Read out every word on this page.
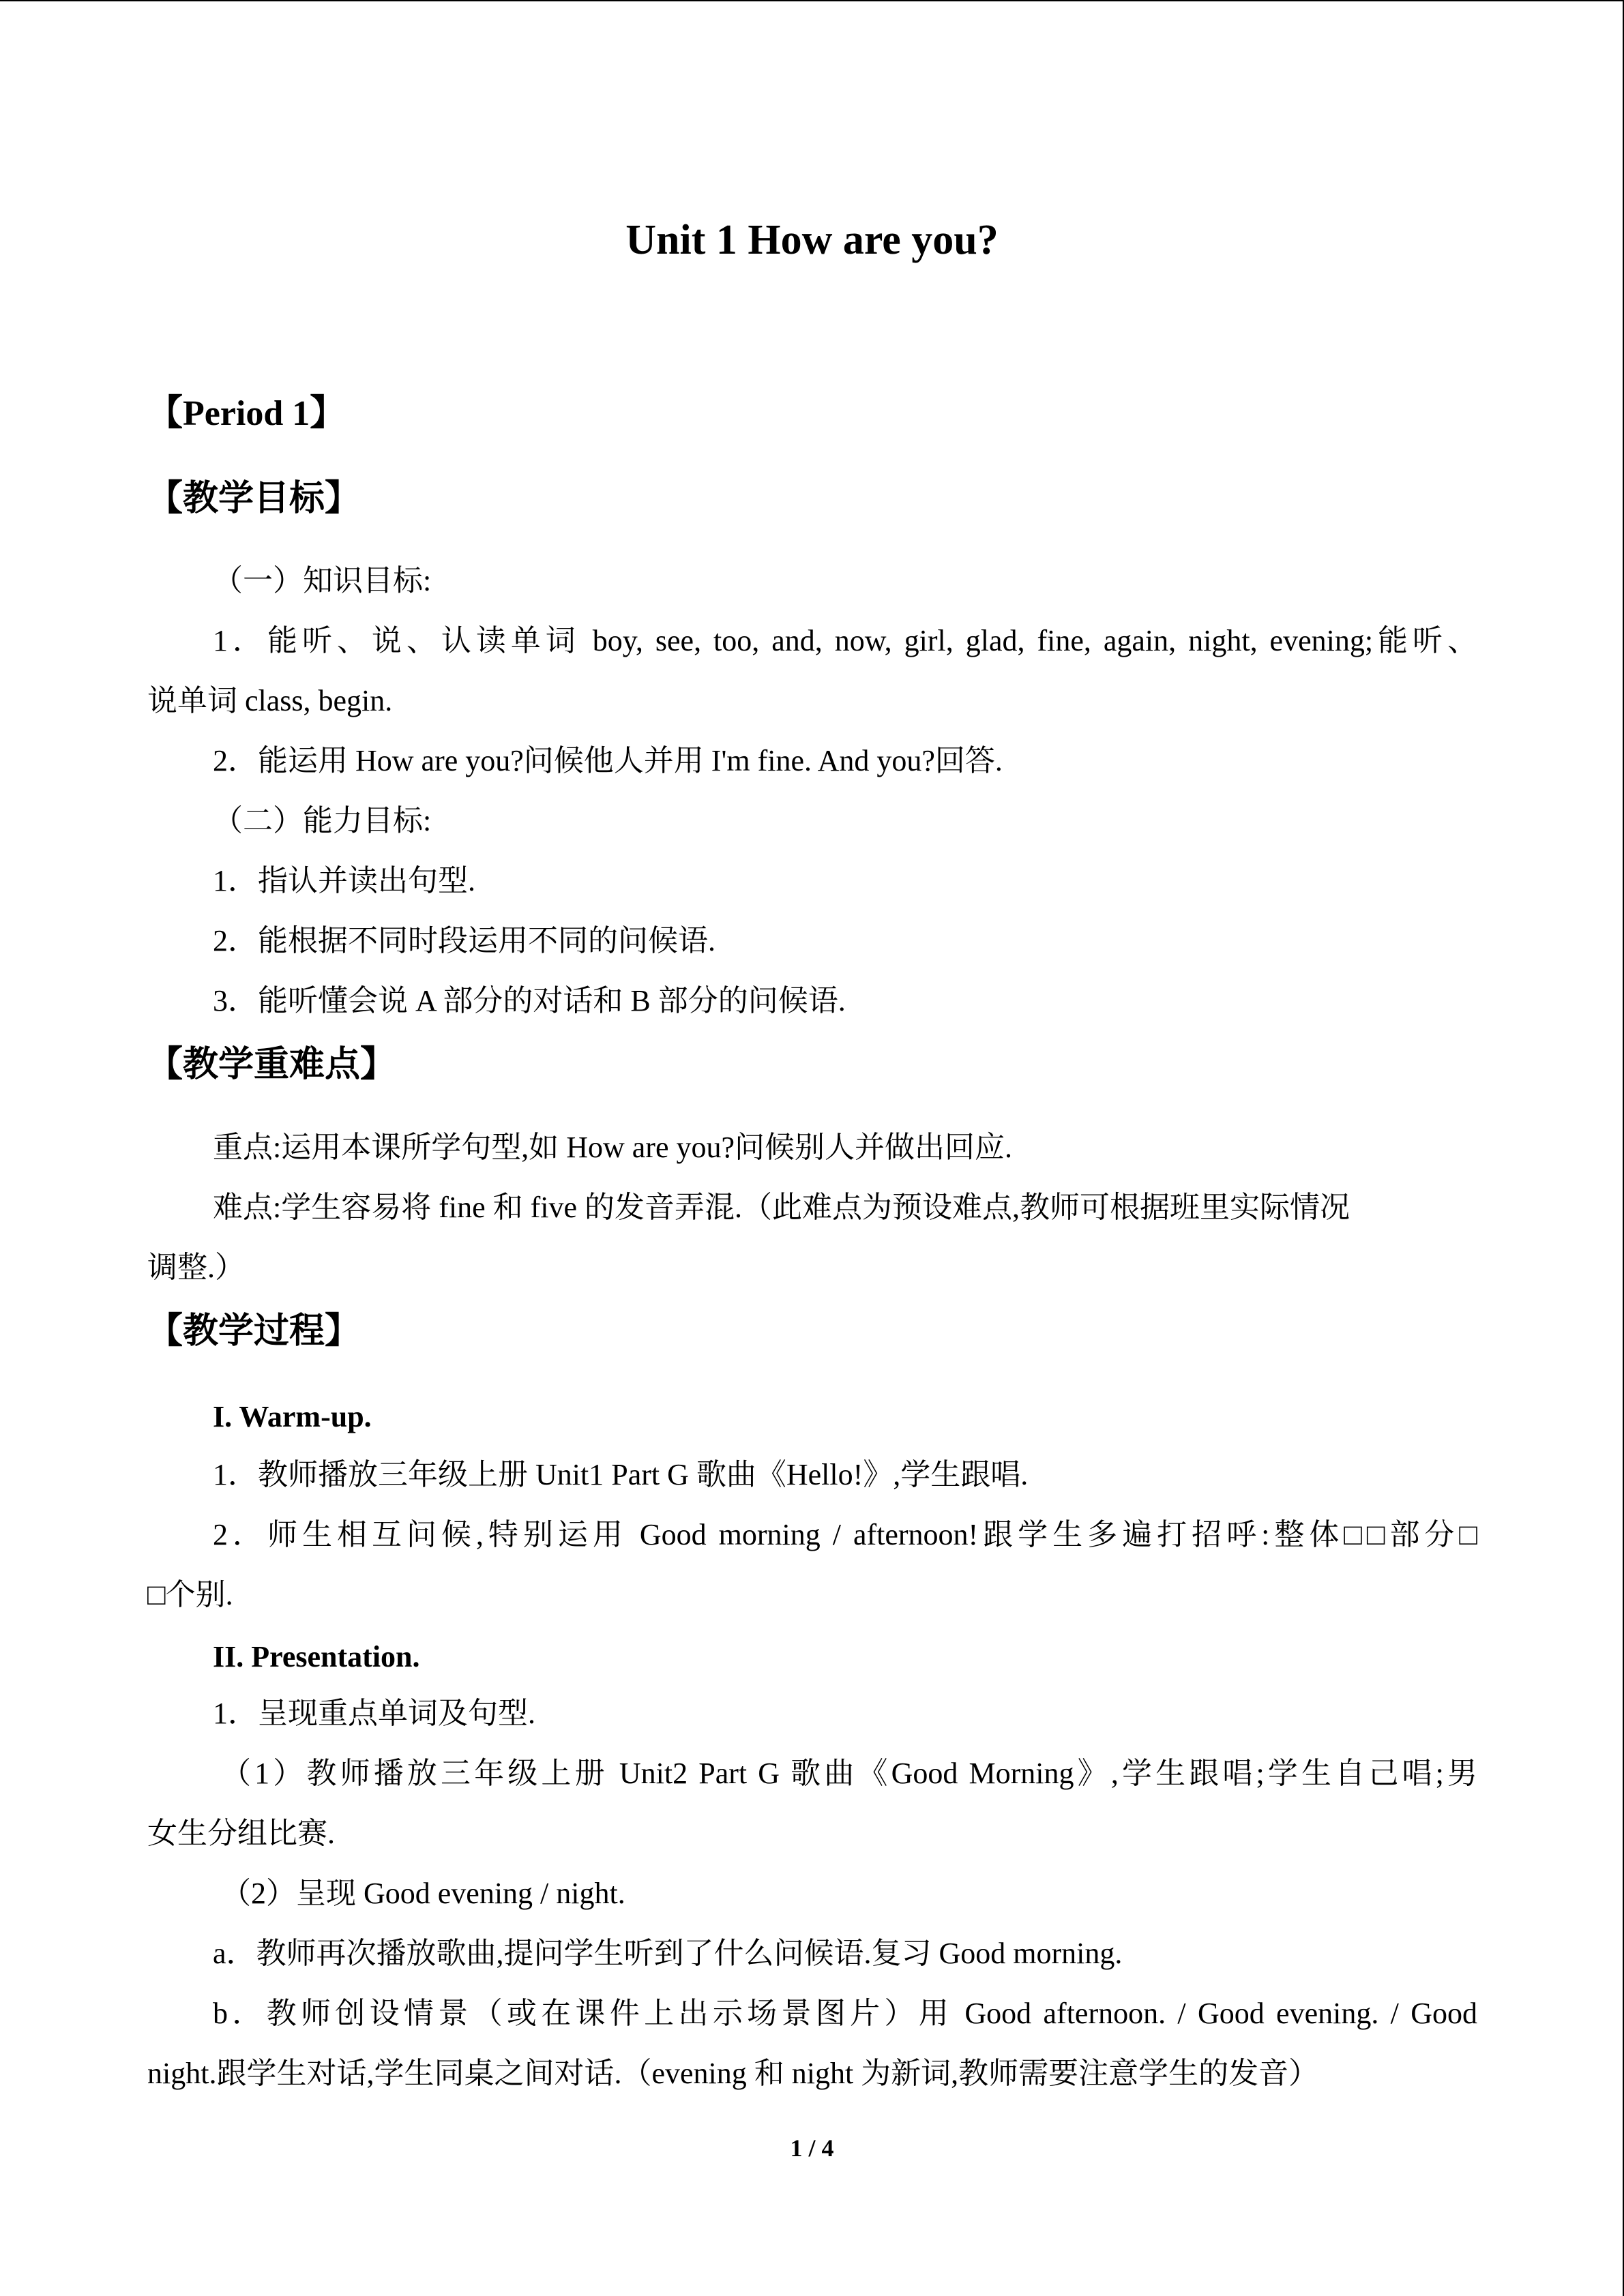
Unit 1 How are you?
【Period 1】
【教学目标】
（一）知识目标:
1．能听、说、认读单词 boy, see, too, and, now, girl, glad, fine, again, night, evening;能听、
说单词 class, begin.
2．能运用 How are you?问候他人并用 I'm fine. And you?回答.
（二）能力目标:
1．指认并读出句型.
2．能根据不同时段运用不同的问候语.
3．能听懂会说 A 部分的对话和 B 部分的问候语.
【教学重难点】
重点:运用本课所学句型,如 How are you?问候别人并做出回应.
难点:学生容易将 fine 和 five 的发音弄混.（此难点为预设难点,教师可根据班里实际情况
调整.）
【教学过程】
I. Warm-up.
1．教师播放三年级上册 Unit1 Part G 歌曲《Hello!》,学生跟唱.
2．师生相互问候,特别运用 Good morning / afternoon!跟学生多遍打招呼:整体□□部分□
□个别.
II. Presentation.
1．呈现重点单词及句型.
（1）教师播放三年级上册 Unit2 Part G 歌曲《Good Morning》,学生跟唱;学生自己唱;男
女生分组比赛.
（2）呈现 Good evening / night.
a．教师再次播放歌曲,提问学生听到了什么问候语.复习 Good morning.
b．教师创设情景（或在课件上出示场景图片）用 Good afternoon. / Good evening. / Good
night.跟学生对话,学生同桌之间对话.（evening 和 night 为新词,教师需要注意学生的发音）
1 / 4
